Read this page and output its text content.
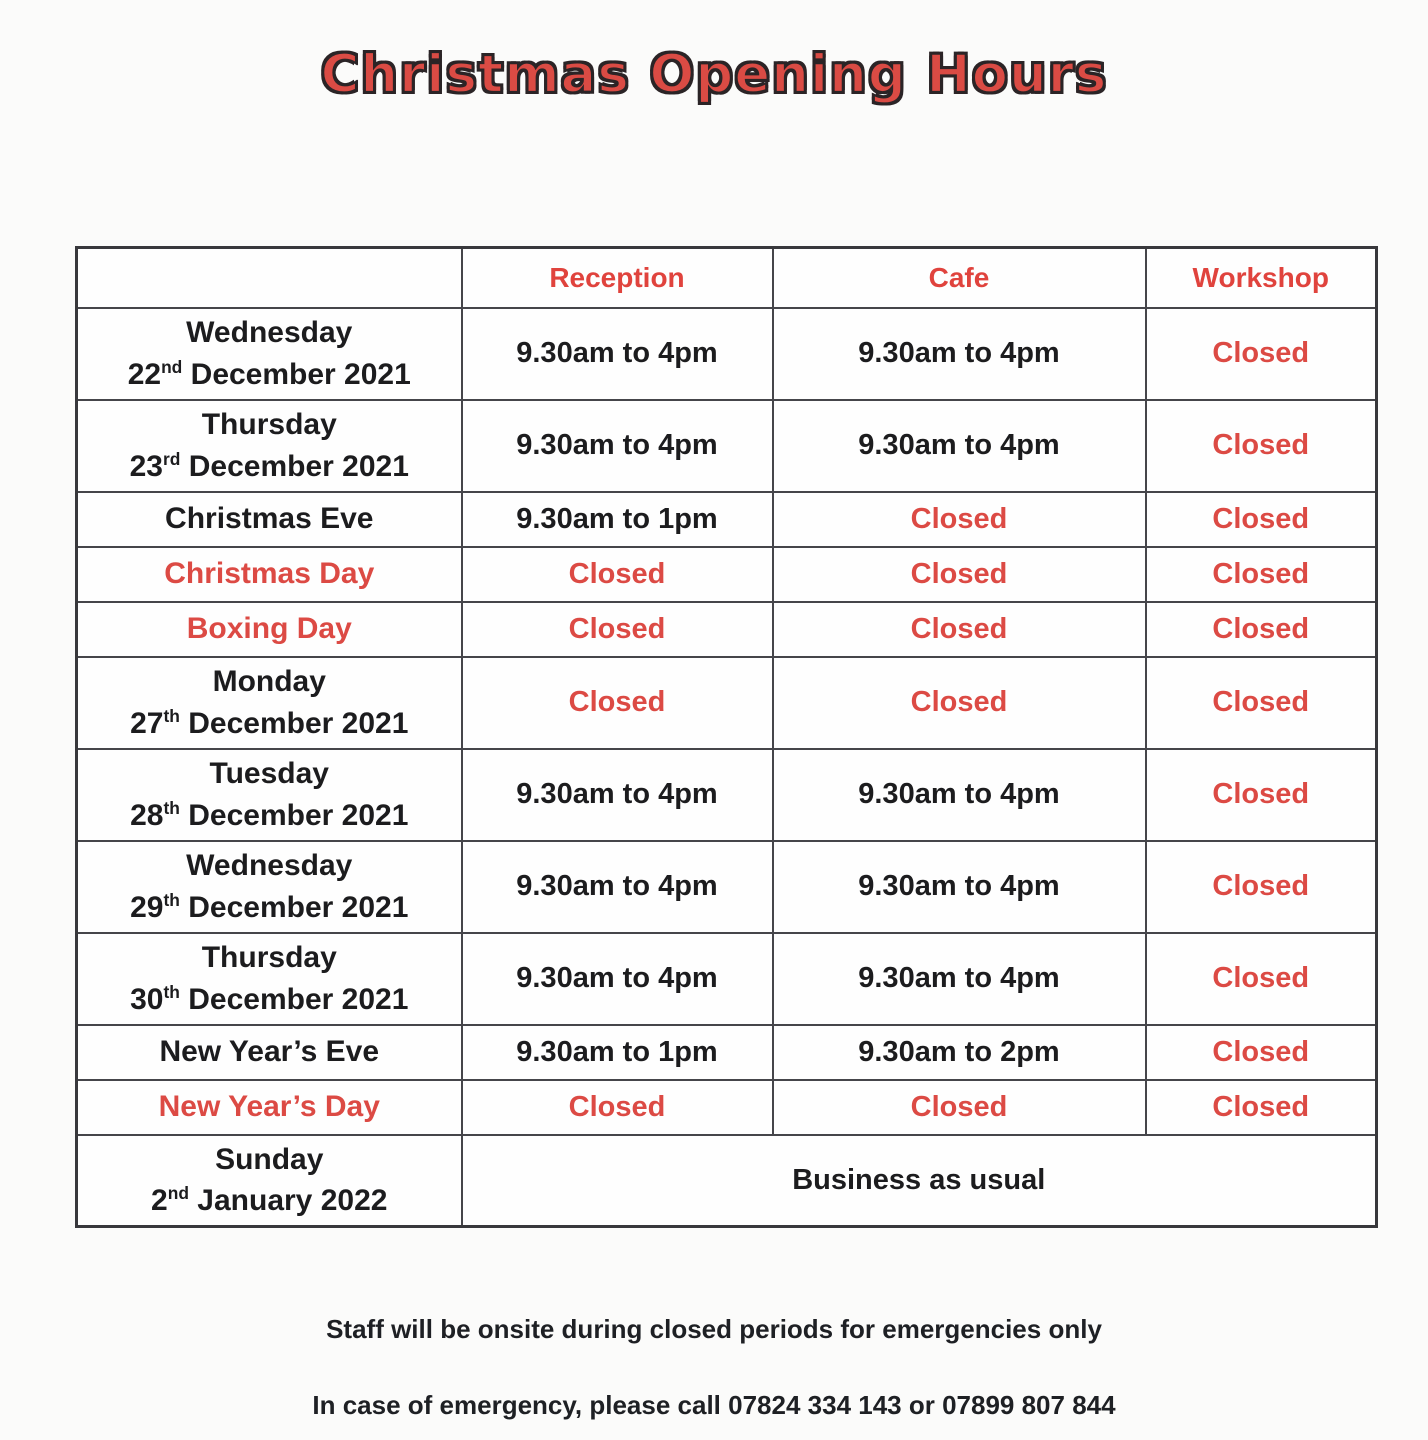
Christmas Opening Hours
	Reception	Cafe	Workshop

Wednesday
22nd December 2021	9.30am to 4pm	9.30am to 4pm	Closed

Thursday
23rd December 2021	9.30am to 4pm	9.30am to 4pm	Closed

Christmas Eve	9.30am to 1pm	Closed	Closed

Christmas Day	Closed	Closed	Closed

Boxing Day	Closed	Closed	Closed

Monday
27th December 2021	Closed	Closed	Closed

Tuesday
28th December 2021	9.30am to 4pm	9.30am to 4pm	Closed

Wednesday
29th December 2021	9.30am to 4pm	9.30am to 4pm	Closed

Thursday
30th December 2021	9.30am to 4pm	9.30am to 4pm	Closed

New Year’s Eve	9.30am to 1pm	9.30am to 2pm	Closed

New Year’s Day	Closed	Closed	Closed

Sunday
2nd January 2022	Business as usual		
Staff will be onsite during closed periods for emergencies only
In case of emergency, please call 07824 334 143 or 07899 807 844
